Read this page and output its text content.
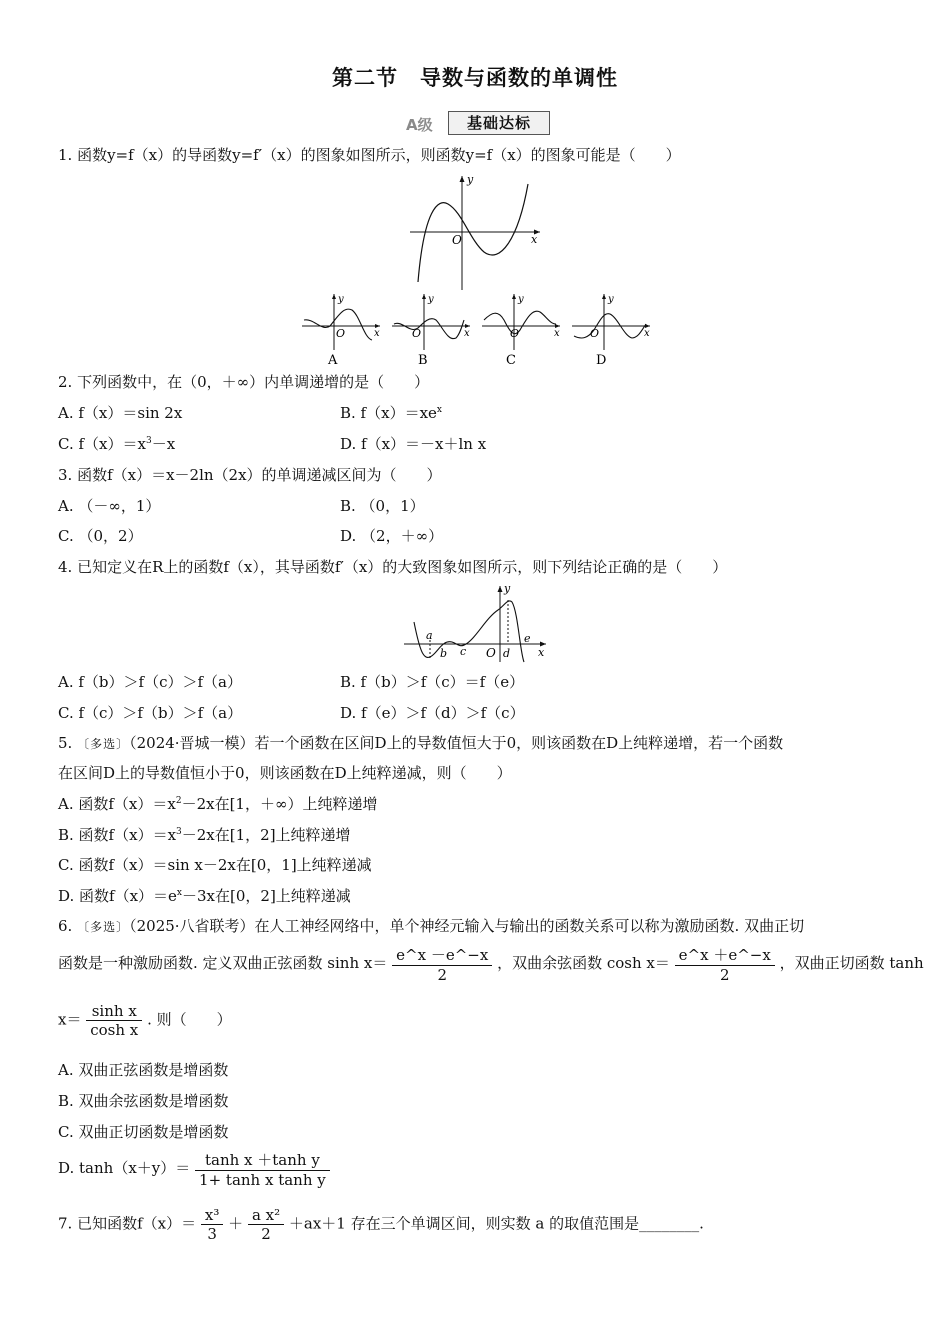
第二节　导数与函数的单调性
A级	基础达标
1. 函数y=f（x）的导函数y=f′（x）的图象如图所示，则函数y=f（x）的图象可能是（　　）
y
x
O
y
x
O
y
x
O
y
x
O
y
x
O
A	B	C	D
2. 下列函数中，在（0，＋∞）内单调递增的是（　　）
A. f（x）＝sin 2x	B. $f(x)=xe^x$
C. $f(x)=x^3-x$	D. f（x）＝－x＋ln x
3. 函数f（x）＝x－2ln（2x）的单调递减区间为（　　）
A. （－∞，1）	B. （0，1）
C. （0，2）	D. （2，＋∞）
4. 已知定义在R上的函数f（x），其导函数f′（x）的大致图象如图所示，则下列结论正确的是（　　）
y
x
O
a
b c	d
e
A. f（b）＞f（c）＞f（a）	B. f（b）＞f（c）＝f（e）
C. f（c）＞f（b）＞f（a）	D. f（e）＞f（d）＞f（c）
5. 〔多选〕（2024·晋城一模）若一个函数在区间D上的导数值恒大于0，则该函数在D上纯粹递增，若一个函数
在区间D上的导数值恒小于0，则该函数在D上纯粹递减，则（　　）
A. 函数$f(x)=x^2-2x$在[1，＋∞）上纯粹递增
B. 函数$f(x)=x^3-2x$在[1，2]上纯粹递增
C. 函数f（x）＝sin x－2x在[0，1]上纯粹递减
D. 函数$f(x)=e^x-3x$在[0，2]上纯粹递减
6. 〔多选〕（2025·八省联考）在人工神经网络中，单个神经元输入与输出的函数关系可以称为激励函数. 双曲正切
函数是一种激励函数. 定义双曲正弦函数 $\sinh x= \frac{e\^{}x -e\^{}-x}{2}$ ，双曲余弦函数 $\cosh x= \frac{e\^{}x +e\^{}-x}{2}$ ，双曲正切函数 tanh
$x= \frac{\text{sinh x}}{\text{cosh x}}$ . 则（　　）
A. 双曲正弦函数是增函数
B. 双曲余弦函数是增函数
C. 双曲正切函数是增函数
D. $\tanh(x+y)= \frac{\text{tanh x ＋tanh y}}{\text{1+ tanh x tanh y}}$
7. 已知函数$f(x)= \frac{\text{x³}}{3} + \frac{\text{a x²}}{2} +ax+1$ 存在三个单调区间，则实数 a 的取值范围是________.
